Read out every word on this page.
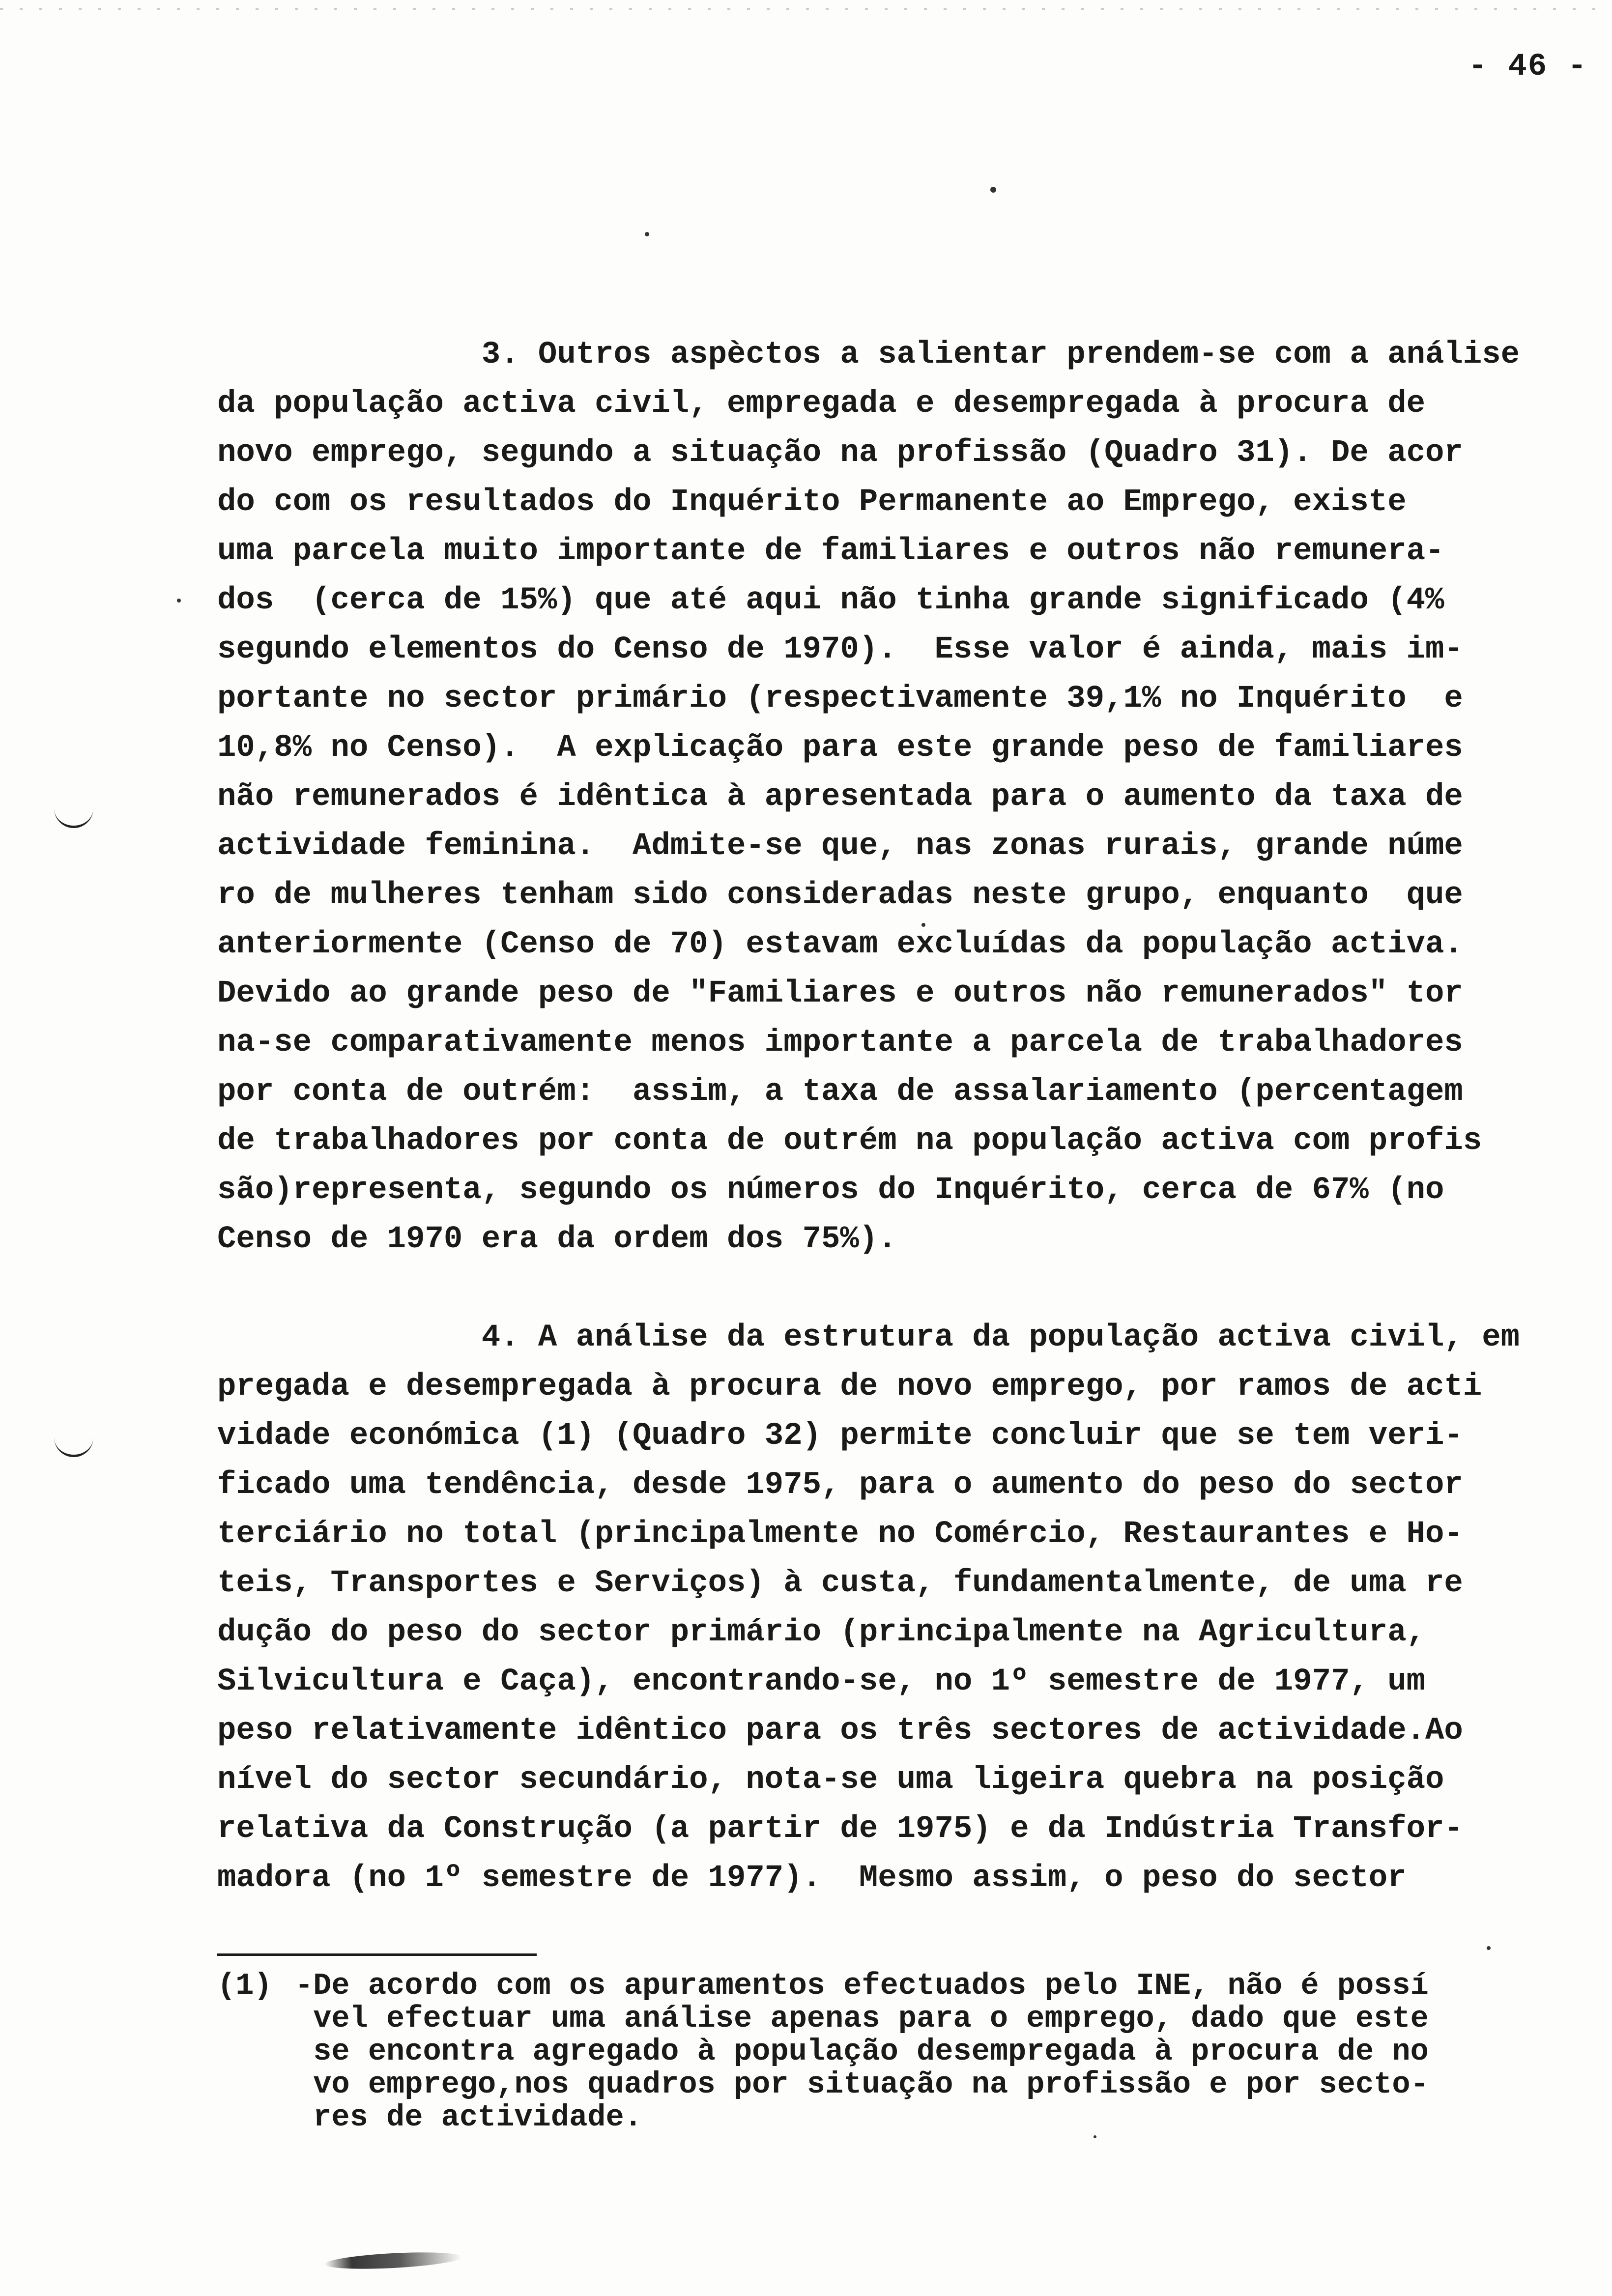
- 46 -
3. Outros aspèctos a salientar prendem-se com a análise
da população activa civil, empregada e desempregada à procura de
novo emprego, segundo a situação na profissão (Quadro 31). De acor
do com os resultados do Inquérito Permanente ao Emprego, existe
uma parcela muito importante de familiares e outros não remunera-
dos  (cerca de 15%) que até aqui não tinha grande significado (4%
segundo elementos do Censo de 1970).  Esse valor é ainda, mais im-
portante no sector primário (respectivamente 39,1% no Inquérito  e
10,8% no Censo).  A explicação para este grande peso de familiares
não remunerados é idêntica à apresentada para o aumento da taxa de
actividade feminina.  Admite-se que, nas zonas rurais, grande núme
ro de mulheres tenham sido consideradas neste grupo, enquanto  que
anteriormente (Censo de 70) estavam excluídas da população activa.
Devido ao grande peso de "Familiares e outros não remunerados" tor
na-se comparativamente menos importante a parcela de trabalhadores
por conta de outrém:  assim, a taxa de assalariamento (percentagem
de trabalhadores por conta de outrém na população activa com profis
são)representa, segundo os números do Inquérito, cerca de 67% (no
Censo de 1970 era da ordem dos 75%).
4. A análise da estrutura da população activa civil, em
pregada e desempregada à procura de novo emprego, por ramos de acti
vidade económica (1) (Quadro 32) permite concluir que se tem veri-
ficado uma tendência, desde 1975, para o aumento do peso do sector
terciário no total (principalmente no Comércio, Restaurantes e Ho-
teis, Transportes e Serviços) à custa, fundamentalmente, de uma re
dução do peso do sector primário (principalmente na Agricultura,
Silvicultura e Caça), encontrando-se, no 1º semestre de 1977, um
peso relativamente idêntico para os três sectores de actividade.Ao
nível do sector secundário, nota-se uma ligeira quebra na posição
relativa da Construção (a partir de 1975) e da Indústria Transfor-
madora (no 1º semestre de 1977).  Mesmo assim, o peso do sector
(1) -De acordo com os apuramentos efectuados pelo INE, não é possí
vel efectuar uma análise apenas para o emprego, dado que este
se encontra agregado à população desempregada à procura de no
vo emprego,nos quadros por situação na profissão e por secto-
res de actividade.
